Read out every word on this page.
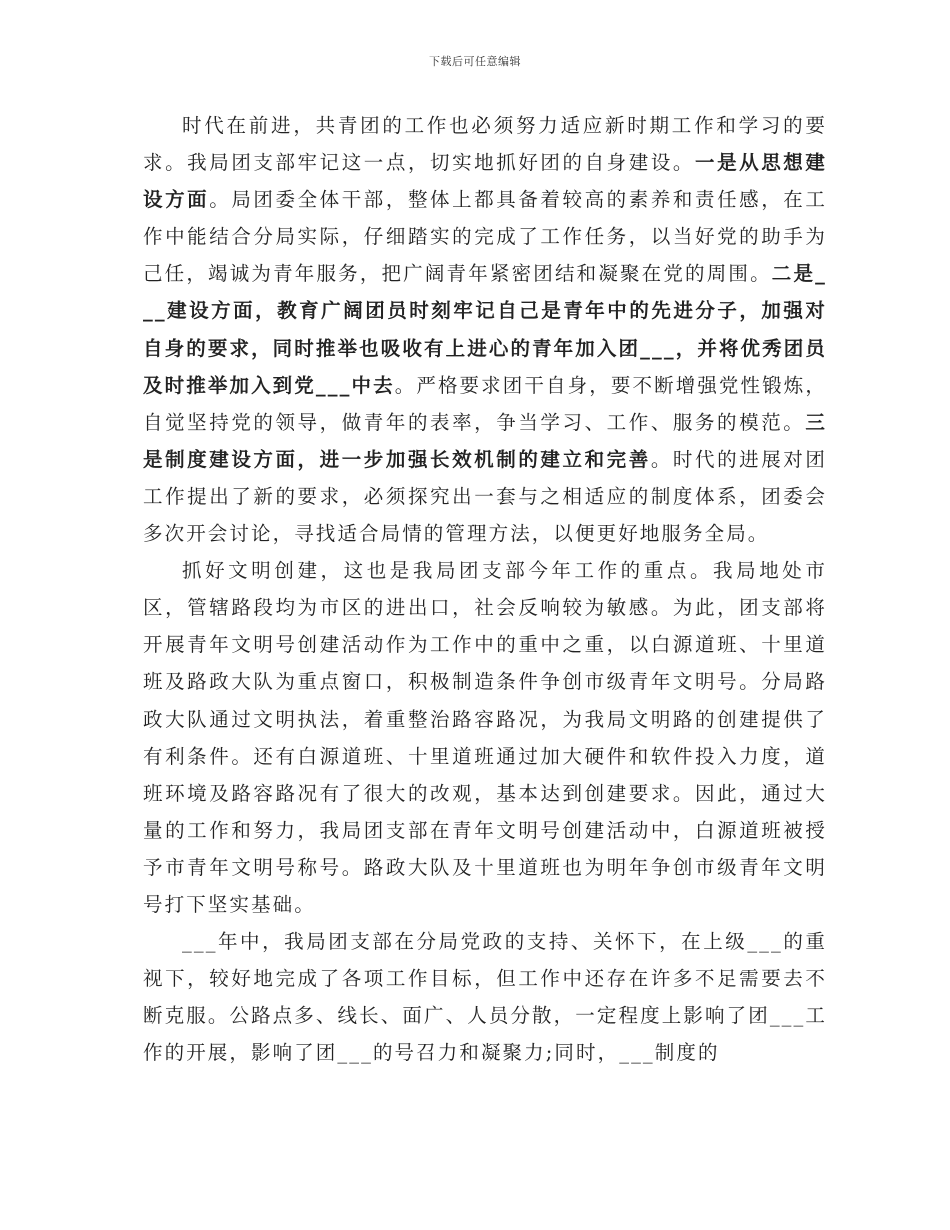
下载后可任意编辑

时代在前进，共青团的工作也必须努力适应新时期工作和学习的要求。我局团支部牢记这一点，切实地抓好团的自身建设。一是从思想建设方面。局团委全体干部，整体上都具备着较高的素养和责任感，在工作中能结合分局实际，仔细踏实的完成了工作任务，以当好党的助手为己任，竭诚为青年服务，把广阔青年紧密团结和凝聚在党的周围。二是___建设方面，教育广阔团员时刻牢记自己是青年中的先进分子，加强对自身的要求，同时推举也吸收有上进心的青年加入团___，并将优秀团员及时推举加入到党___中去。严格要求团干自身，要不断增强党性锻炼，自觉坚持党的领导，做青年的表率，争当学习、工作、服务的模范。三是制度建设方面，进一步加强长效机制的建立和完善。时代的进展对团工作提出了新的要求，必须探究出一套与之相适应的制度体系，团委会多次开会讨论，寻找适合局情的管理方法，以便更好地服务全局。

抓好文明创建，这也是我局团支部今年工作的重点。我局地处市区，管辖路段均为市区的进出口，社会反响较为敏感。为此，团支部将开展青年文明号创建活动作为工作中的重中之重，以白源道班、十里道班及路政大队为重点窗口，积极制造条件争创市级青年文明号。分局路政大队通过文明执法，着重整治路容路况，为我局文明路的创建提供了有利条件。还有白源道班、十里道班通过加大硬件和软件投入力度，道班环境及路容路况有了很大的改观，基本达到创建要求。因此，通过大量的工作和努力，我局团支部在青年文明号创建活动中，白源道班被授予市青年文明号称号。路政大队及十里道班也为明年争创市级青年文明号打下坚实基础。

___年中，我局团支部在分局党政的支持、关怀下，在上级___的重视下，较好地完成了各项工作目标，但工作中还存在许多不足需要去不断克服。公路点多、线长、面广、人员分散，一定程度上影响了团___工作的开展，影响了团___的号召力和凝聚力;同时，___制度的
